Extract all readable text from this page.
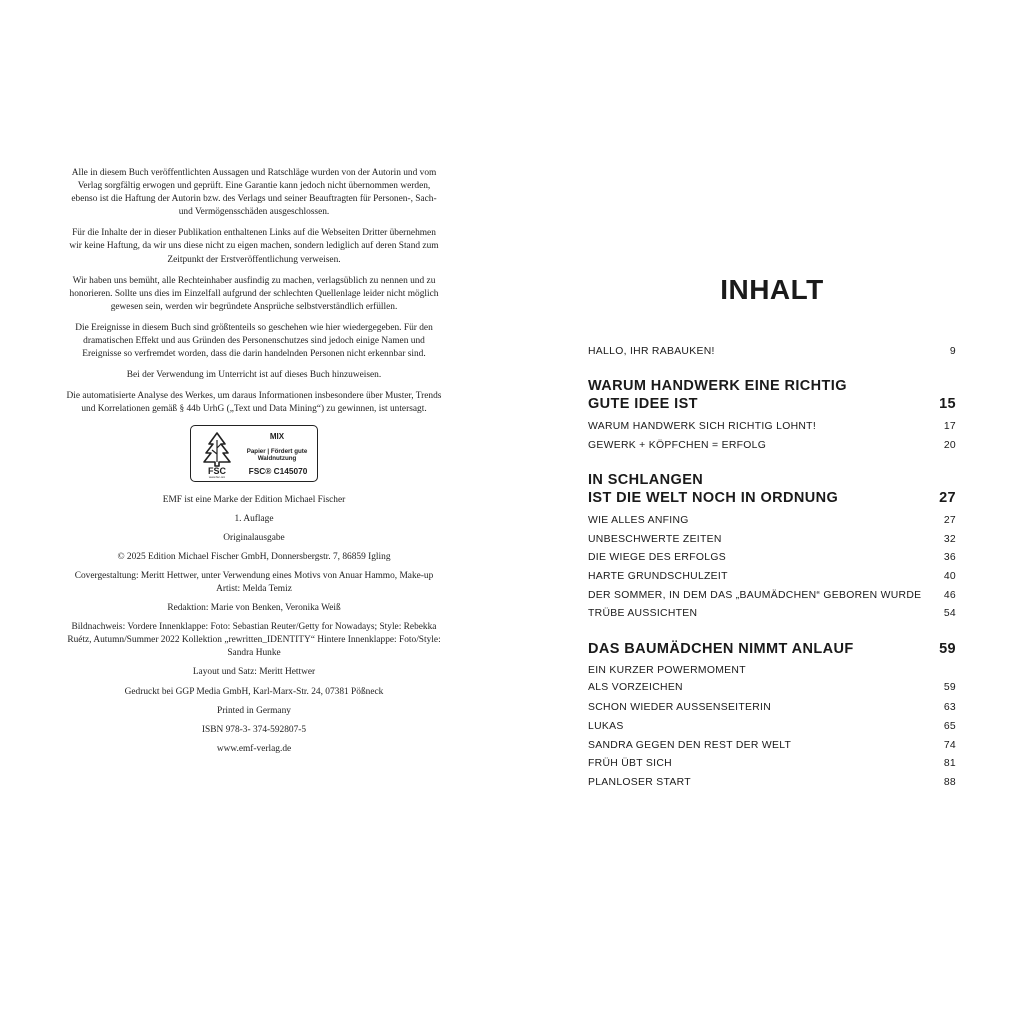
Alle in diesem Buch veröffentlichten Aussagen und Ratschläge wurden von der Autorin und vom Verlag sorgfältig erwogen und geprüft. Eine Garantie kann jedoch nicht übernommen werden, ebenso ist die Haftung der Autorin bzw. des Verlags und seiner Beauftragten für Personen-, Sach- und Vermögensschäden ausgeschlossen.

Für die Inhalte der in dieser Publikation enthaltenen Links auf die Webseiten Dritter übernehmen wir keine Haftung, da wir uns diese nicht zu eigen machen, sondern lediglich auf deren Stand zum Zeitpunkt der Erstveröffentlichung verweisen.

Wir haben uns bemüht, alle Rechteinhaber ausfindig zu machen, verlagsüblich zu nennen und zu honorieren. Sollte uns dies im Einzelfall aufgrund der schlechten Quellenlage leider nicht möglich gewesen sein, werden wir begründete Ansprüche selbstverständlich erfüllen.

Die Ereignisse in diesem Buch sind größtenteils so geschehen wie hier wiedergegeben. Für den dramatischen Effekt und aus Gründen des Personenschutzes sind jedoch einige Namen und Ereignisse so verfremdet worden, dass die darin handelnden Personen nicht erkennbar sind.

Bei der Verwendung im Unterricht ist auf dieses Buch hinzuweisen.

Die automatisierte Analyse des Werkes, um daraus Informationen insbesondere über Muster, Trends und Korrelationen gemäß § 44b UrhG („Text und Data Mining“) zu gewinnen, ist untersagt.

FSC
www.fsc.org
MIX
Papier | Fördert gute Waldnutzung
FSC® C145070

EMF ist eine Marke der Edition Michael Fischer

1. Auflage

Originalausgabe

© 2025 Edition Michael Fischer GmbH, Donnersbergstr. 7, 86859 Igling

Covergestaltung: Meritt Hettwer, unter Verwendung eines Motivs von Anuar Hammo, Make-up Artist: Melda Temiz

Redaktion: Marie von Benken, Veronika Weiß

Bildnachweis: Vordere Innenklappe: Foto: Sebastian Reuter/Getty for Nowadays; Style: Rebekka Ruétz, Autumn/Summer 2022 Kollektion „rewritten_IDENTITY“ Hintere Innenklappe: Foto/Style: Sandra Hunke

Layout und Satz: Meritt Hettwer

Gedruckt bei GGP Media GmbH, Karl-Marx-Str. 24, 07381 Pößneck

Printed in Germany

ISBN 978-3- 374-592807-5

www.emf-verlag.de

INHALT
HALLO, IHR RABAUKEN!	9
WARUM HANDWERK EINE RICHTIG
GUTE IDEE IST	15
WARUM HANDWERK SICH RICHTIG LOHNT!	17
GEWERK + KÖPFCHEN = ERFOLG	20
IN SCHLANGEN
IST DIE WELT NOCH IN ORDNUNG	27
WIE ALLES ANFING	27
UNBESCHWERTE ZEITEN	32
DIE WIEGE DES ERFOLGS	36
HARTE GRUNDSCHULZEIT	40
DER SOMMER, IN DEM DAS „BAUMÄDCHEN“ GEBOREN WURDE 46
TRÜBE AUSSICHTEN	54
DAS BAUMÄDCHEN NIMMT ANLAUF	59
EIN KURZER POWERMOMENT
ALS VORZEICHEN	59
SCHON WIEDER AUSSENSEITERIN	63
LUKAS	65
SANDRA GEGEN DEN REST DER WELT	74
FRÜH ÜBT SICH	81
PLANLOSER START	88
